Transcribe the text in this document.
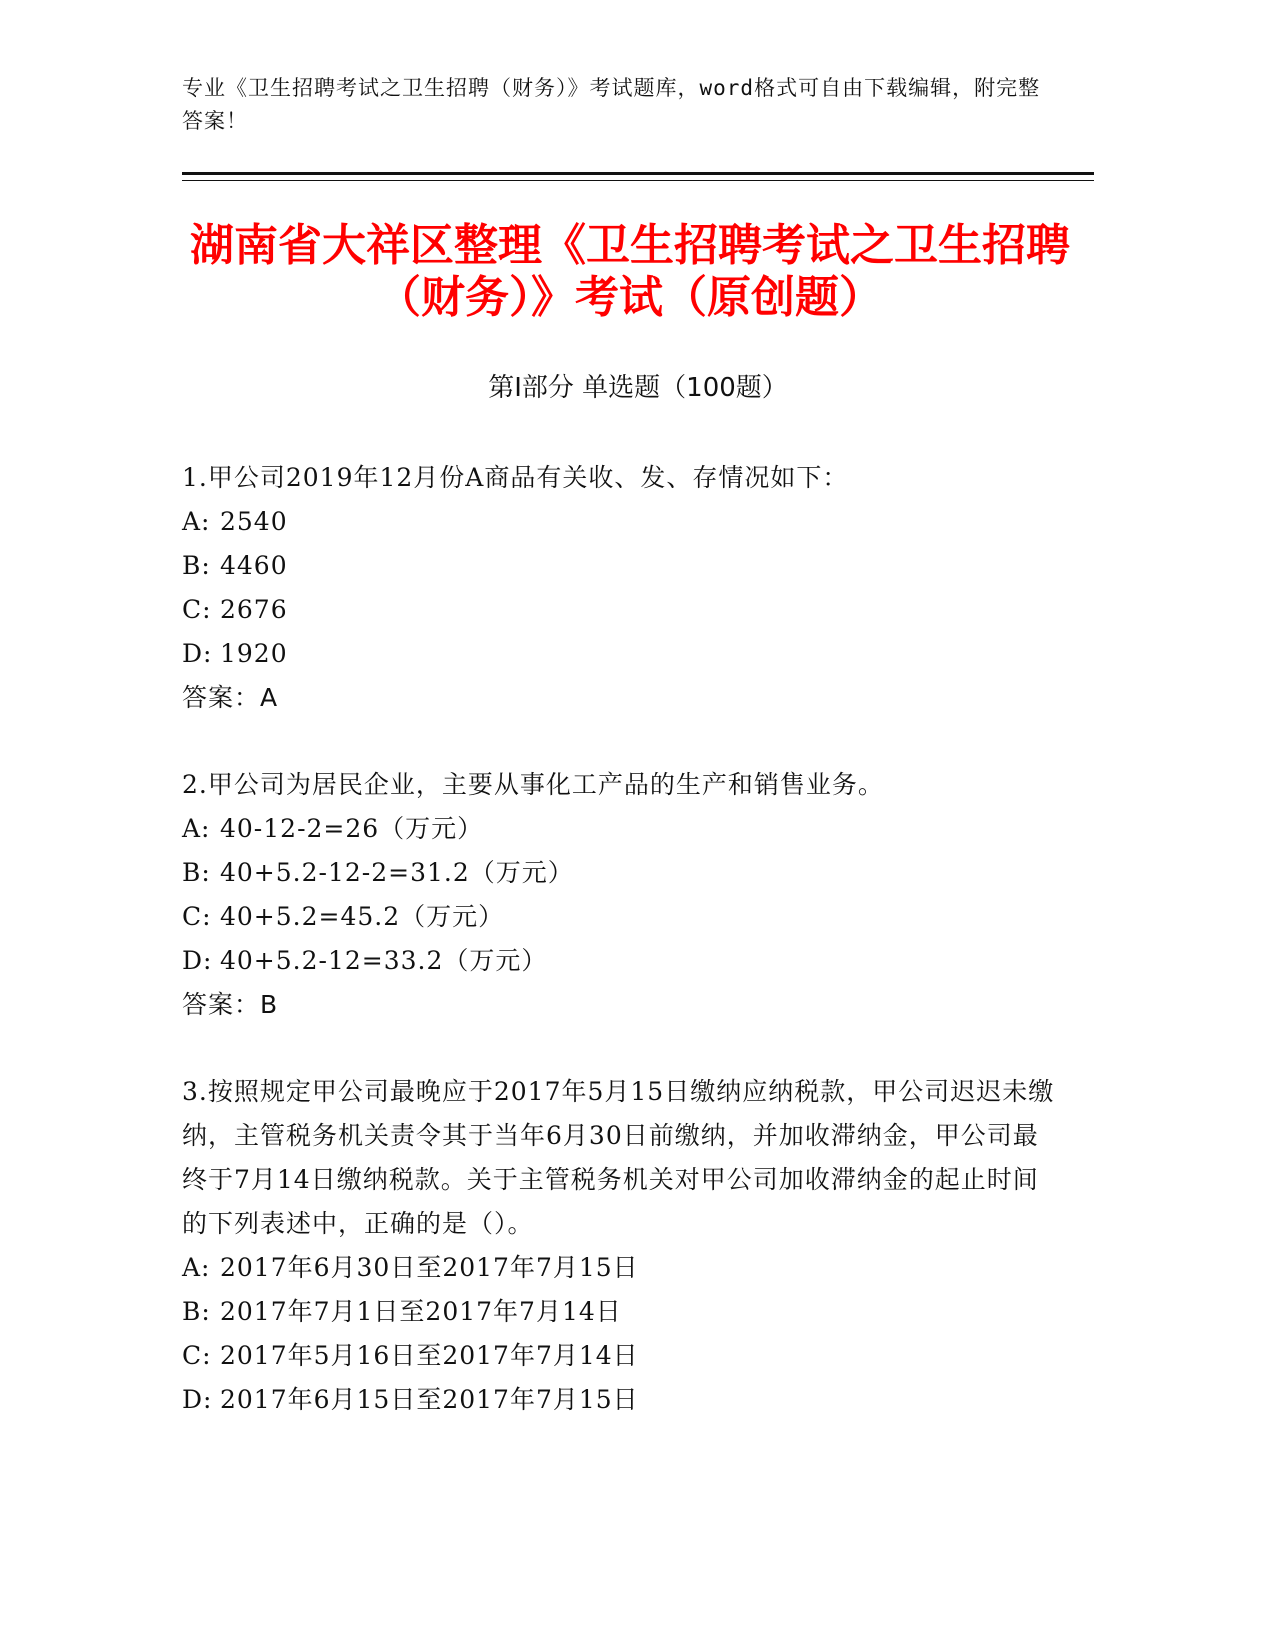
专业《卫生招聘考试之卫生招聘（财务）》考试题库，word格式可自由下载编辑，附完整答案！
湖南省大祥区整理《卫生招聘考试之卫生招聘（财务）》考试（原创题）
第Ⅰ部分 单选题（100题）
1.甲公司2019年12月份A商品有关收、发、存情况如下：
A: 2540
B: 4460
C: 2676
D: 1920
答案：A
2.甲公司为居民企业，主要从事化工产品的生产和销售业务。
A: 40-12-2=26（万元）
B: 40+5.2-12-2=31.2（万元）
C: 40+5.2=45.2（万元）
D: 40+5.2-12=33.2（万元）
答案：B
3.按照规定甲公司最晚应于2017年5月15日缴纳应纳税款，甲公司迟迟未缴纳，主管税务机关责令其于当年6月30日前缴纳，并加收滞纳金，甲公司最终于7月14日缴纳税款。关于主管税务机关对甲公司加收滞纳金的起止时间的下列表述中，正确的是（）。
A: 2017年6月30日至2017年7月15日
B: 2017年7月1日至2017年7月14日
C: 2017年5月16日至2017年7月14日
D: 2017年6月15日至2017年7月15日
